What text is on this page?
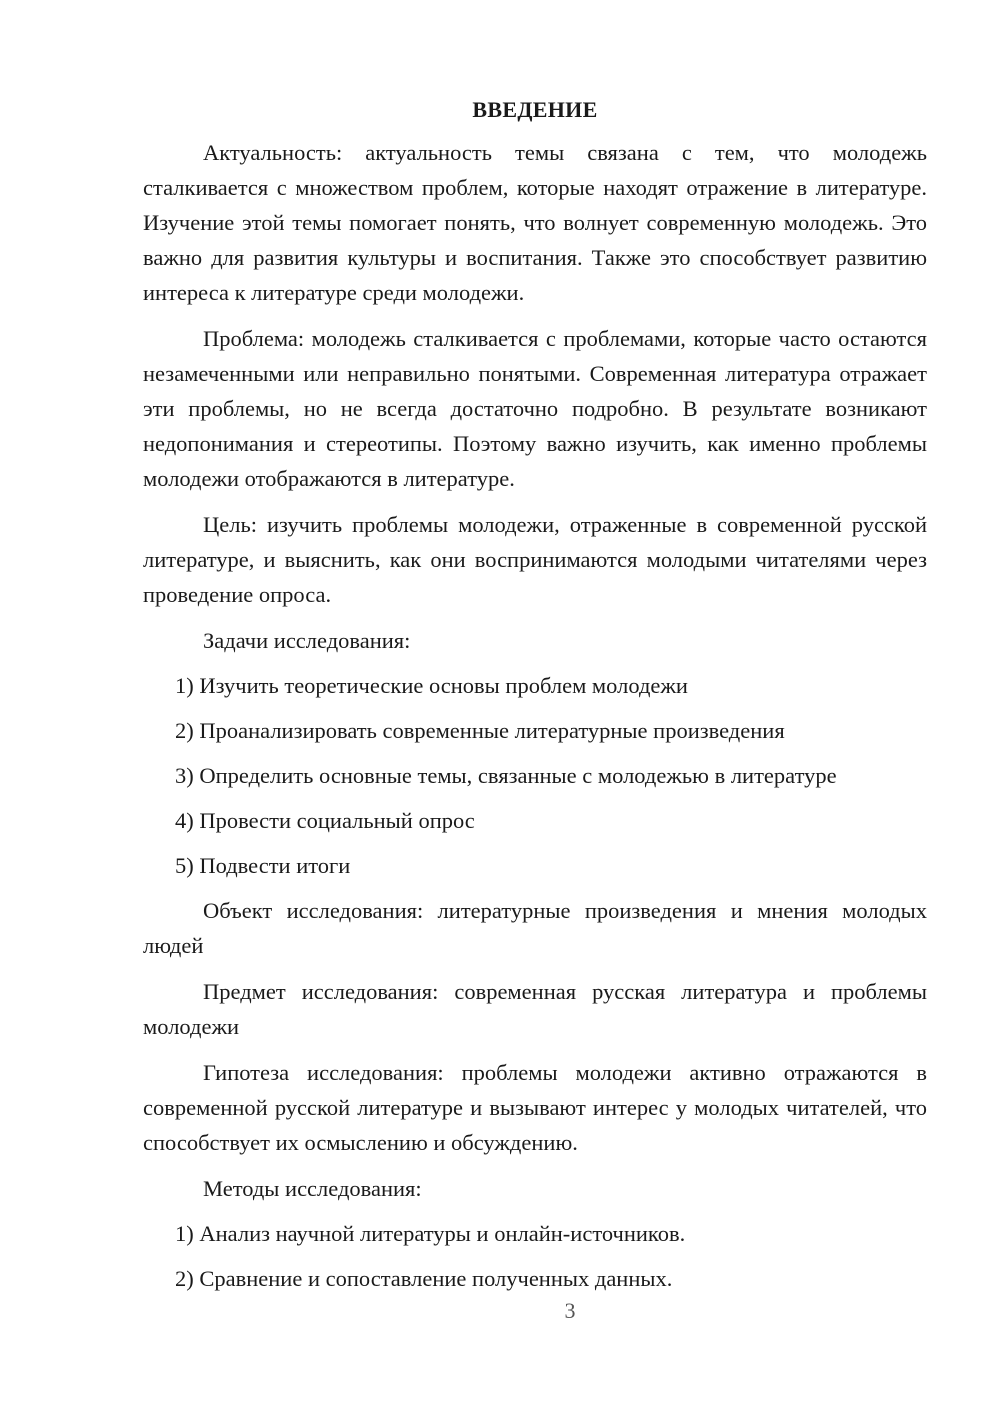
ВВЕДЕНИЕ

Актуальность: актуальность темы связана с тем, что молодежь сталкивается с множеством проблем, которые находят отражение в литературе. Изучение этой темы помогает понять, что волнует современную молодежь. Это важно для развития культуры и воспитания. Также это способствует развитию интереса к литературе среди молодежи.

Проблема: молодежь сталкивается с проблемами, которые часто остаются незамеченными или неправильно понятыми. Современная литература отражает эти проблемы, но не всегда достаточно подробно. В результате возникают недопонимания и стереотипы. Поэтому важно изучить, как именно проблемы молодежи отображаются в литературе.

Цель: изучить проблемы молодежи, отраженные в современной русской литературе, и выяснить, как они воспринимаются молодыми читателями через проведение опроса.

Задачи исследования:

1) Изучить теоретические основы проблем молодежи

2) Проанализировать современные литературные произведения

3) Определить основные темы, связанные с молодежью в литературе

4) Провести социальный опрос

5) Подвести итоги

Объект исследования: литературные произведения и мнения молодых людей

Предмет исследования: современная русская литература и проблемы молодежи

Гипотеза исследования: проблемы молодежи активно отражаются в современной русской литературе и вызывают интерес у молодых читателей, что способствует их осмыслению и обсуждению.

Методы исследования:

1) Анализ научной литературы и онлайн-источников.

2) Сравнение и сопоставление полученных данных.

3
